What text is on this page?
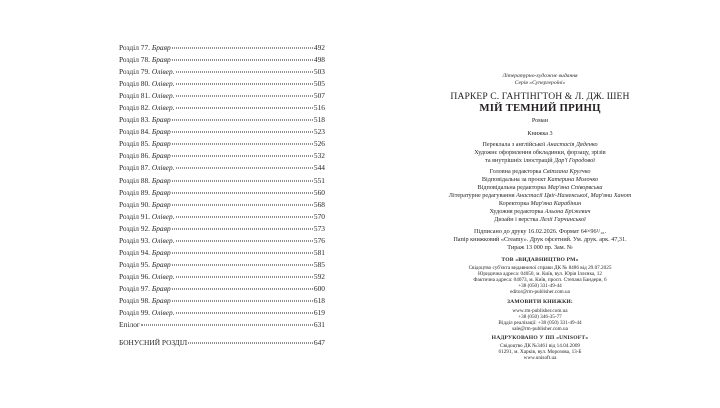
Розділ 77. Браяр	492
Розділ 78. Браяр	498
Розділ 79. Олівер.	503
Розділ 80. Олівер.	505
Розділ 81. Олівер.	507
Розділ 82. Олівер.	516
Розділ 83. Браяр	518
Розділ 84. Браяр	523
Розділ 85. Браяр	526
Розділ 86. Браяр	532
Розділ 87. Олівер.	544
Розділ 88. Браяр	551
Розділ 89. Браяр	560
Розділ 90. Браяр	568
Розділ 91. Олівер.	570
Розділ 92. Браяр	573
Розділ 93. Олівер.	576
Розділ 94. Браяр	581
Розділ 95. Браяр	585
Розділ 96. Олівер.	592
Розділ 97. Браяр	600
Розділ 98. Браяр	618
Розділ 99. Олівер.	619
Епілог	631
БОНУСНИЙ РОЗДІЛ	647
Літературно-художнє видання
Серія «Супергероїні»
ПАРКЕР С. ГАНТІНГТОН & Л. ДЖ. ШЕН
МІЙ ТЕМНИЙ ПРИНЦ
Роман
Книжка 3
Переклала з англійської Анастасія Дяденко
Художнє оформлення обкладинки, форзацу, зрізів
та внутрішніх ілюстрацій Дар'ї Городової
Головна редакторка Світлана Кругчко
Відповідальна за проєкт Катерина Молочко
Відповідальна редакторка Мар'яна Співорвська
Літературне редагування Анастасії Цвіґ-Наменської, Мар'яни Ханот
Коректорка Мар'яна Карабінин
Художня редакторка Альона Бріжевич
Дизайн і верстка Леліі Гарчинської
Підписано до друку 16.02.2026. Формат 64×96¹/₁₆.
Папір книжковий «Creamy». Друк офсетний. Ум. друк. арк. 47,31.
Тираж 13 000 пр. Зам. №
ТОВ «ВИДАВНИЦТВО РМ»
Свідоцтво суб'єкта видавничої справи ДК № 8486 від 29.07.2025
Юридична адреса: 04050, м. Київ, вул. Юрія Іллєнка, 12
Фактична адреса: 04073, м. Київ, просп. Степана Бандери, 6
+38 (050) 331-49-44
editor@rm-publisher.com.ua
ЗАМОВИТИ КНИЖКИ:
www.rm-publisher.com.ua
+38 (050) 346-35-77
Відділ реалізації: +38 (050) 331-49-44
sale@rm-publisher.com.ua
НАДРУКОВАНО У ПП «UNISOFT»
Свідоцтво ДК №3461 від 14.04.2009
61291, м. Харків, вул. Морозова, 13-Б
www.unisoft.ua
